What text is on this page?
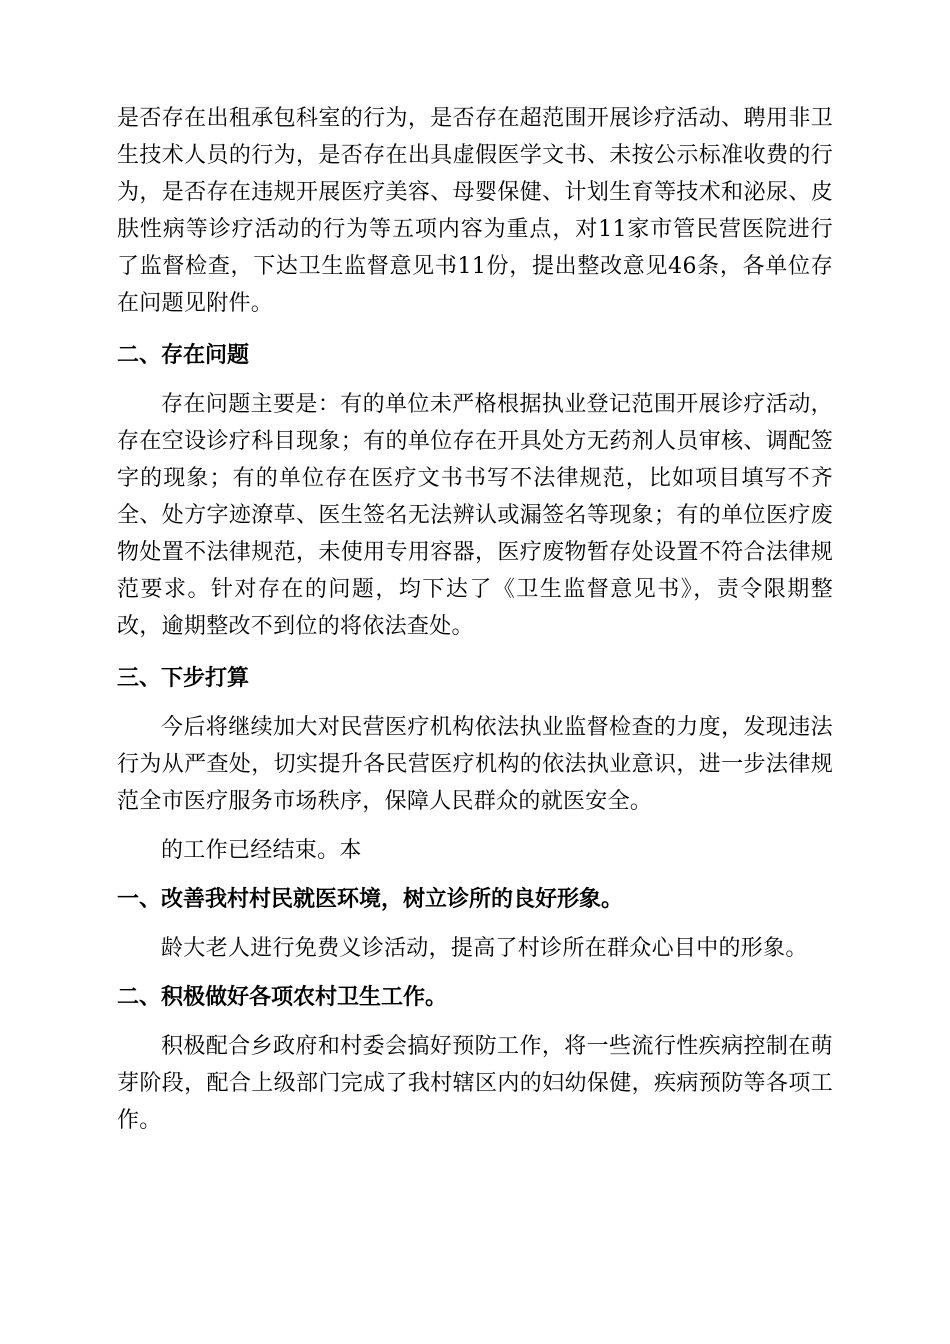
是否存在出租承包科室的行为，是否存在超范围开展诊疗活动、聘用非卫生技术人员的行为，是否存在出具虚假医学文书、未按公示标准收费的行为，是否存在违规开展医疗美容、母婴保健、计划生育等技术和泌尿、皮肤性病等诊疗活动的行为等五项内容为重点，对11家市管民营医院进行了监督检查，下达卫生监督意见书11份，提出整改意见46条，各单位存在问题见附件。

二、存在问题

存在问题主要是：有的单位未严格根据执业登记范围开展诊疗活动，存在空设诊疗科目现象；有的单位存在开具处方无药剂人员审核、调配签字的现象；有的单位存在医疗文书书写不法律规范，比如项目填写不齐全、处方字迹潦草、医生签名无法辨认或漏签名等现象；有的单位医疗废物处置不法律规范，未使用专用容器，医疗废物暂存处设置不符合法律规范要求。针对存在的问题，均下达了《卫生监督意见书》，责令限期整改，逾期整改不到位的将依法查处。

三、下步打算

今后将继续加大对民营医疗机构依法执业监督检查的力度，发现违法行为从严查处，切实提升各民营医疗机构的依法执业意识，进一步法律规范全市医疗服务市场秩序，保障人民群众的就医安全。

的工作已经结束。本

一、改善我村村民就医环境，树立诊所的良好形象。

龄大老人进行免费义诊活动，提高了村诊所在群众心目中的形象。

二、积极做好各项农村卫生工作。

积极配合乡政府和村委会搞好预防工作，将一些流行性疾病控制在萌芽阶段，配合上级部门完成了我村辖区内的妇幼保健，疾病预防等各项工作。
